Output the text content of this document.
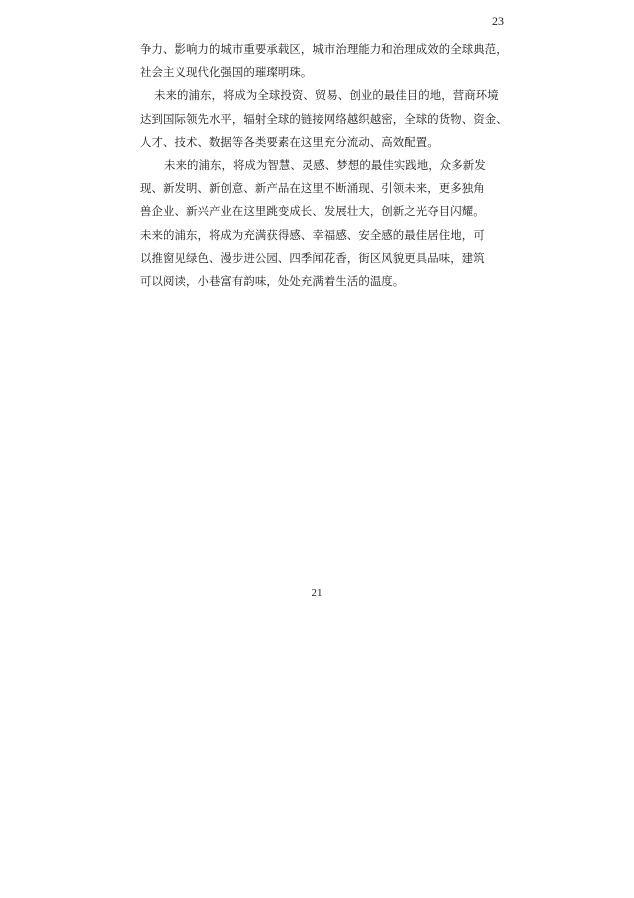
23
争力、影响力的城市重要承载区，城市治理能力和治理成效的全球典范，
社会主义现代化强国的璀璨明珠。
未来的浦东，将成为全球投资、贸易、创业的最佳目的地，营商环境
达到国际领先水平，辐射全球的链接网络越织越密，全球的货物、资金、
人才、技术、数据等各类要素在这里充分流动、高效配置。
未来的浦东，将成为智慧、灵感、梦想的最佳实践地，众多新发
现、新发明、新创意、新产品在这里不断涌现、引领未来，更多独角
兽企业、新兴产业在这里跳变成长、发展壮大，创新之光夺目闪耀。
未来的浦东，将成为充满获得感、幸福感、安全感的最佳居住地，可
以推窗见绿色、漫步进公园、四季闻花香，街区风貌更具品味，建筑
可以阅读，小巷富有韵味，处处充满着生活的温度。
21
